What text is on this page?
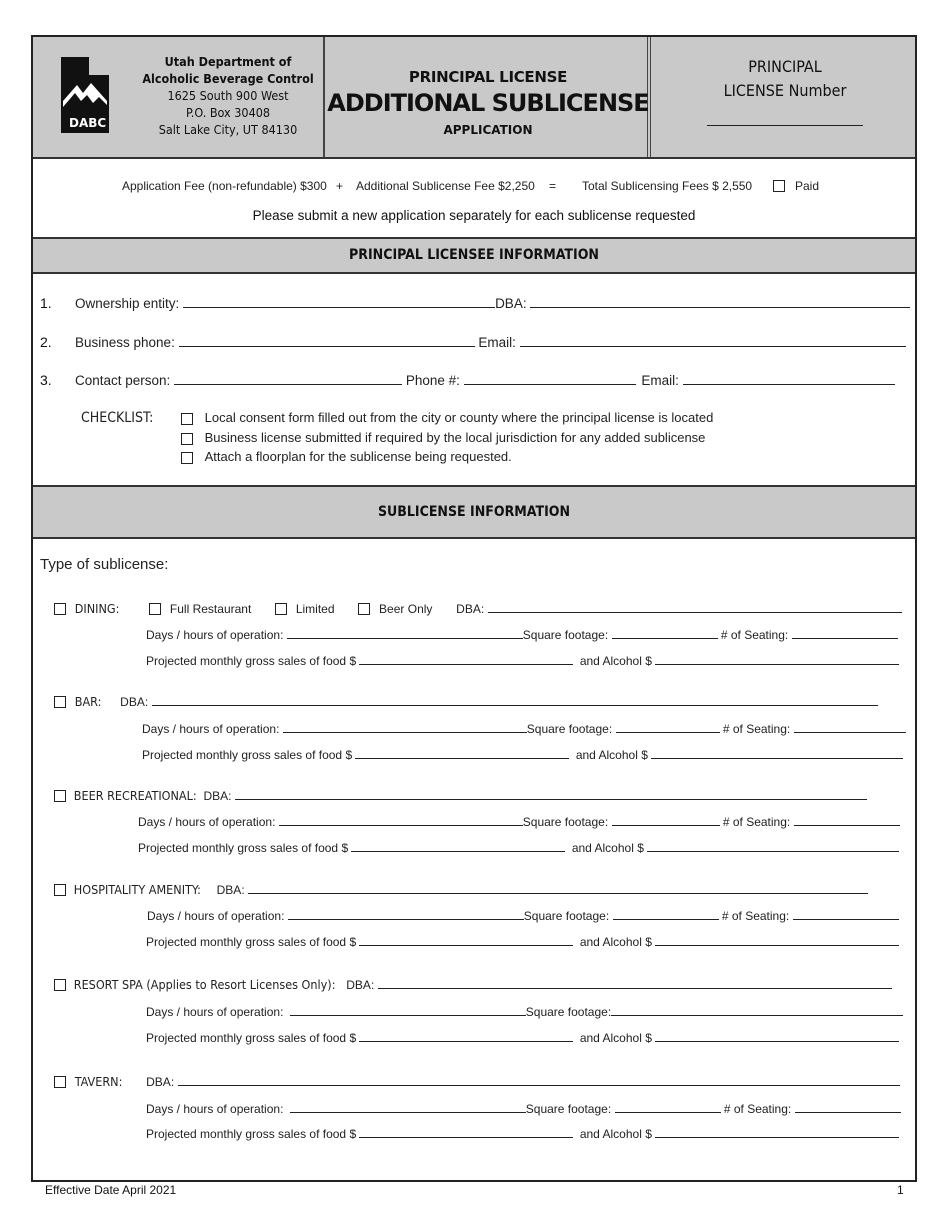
DABC
Utah Department of
Alcoholic Beverage Control
1625 South 900 West
P.O. Box 30408
Salt Lake City, UT 84130
PRINCIPAL LICENSE
ADDITIONAL SUBLICENSE
APPLICATION
PRINCIPAL
LICENSE Number
Application Fee (non-refundable) $300 + Additional Sublicense Fee $2,250 = Total Sublicensing Fees $ 2,550	Paid
Please submit a new application separately for each sublicense requested
PRINCIPAL LICENSEE INFORMATION
1. Ownership entity:	DBA:
2. Business phone:	Email:
3. Contact person:	Phone #:	Email:
CHECKLIST:	Local consent form filled out from the city or county where the principal license is located
Business license submitted if required by the local jurisdiction for any added sublicense
Attach a floorplan for the sublicense being requested.
SUBLICENSE INFORMATION
Type of sublicense:
DINING:	Full Restaurant	Limited	Beer Only DBA:
Days / hours of operation:	Square footage:	# of Seating:
Projected monthly gross sales of food $	and Alcohol $
BAR: DBA:
Days / hours of operation:	Square footage:	# of Seating:
Projected monthly gross sales of food $	and Alcohol $
BEER RECREATIONAL: DBA:
Days / hours of operation:	Square footage:	# of Seating:
Projected monthly gross sales of food $	and Alcohol $
HOSPITALITY AMENITY: DBA:
Days / hours of operation:	Square footage:	# of Seating:
Projected monthly gross sales of food $	and Alcohol $
RESORT SPA (Applies to Resort Licenses Only): DBA:
Days / hours of operation:	Square footage:
Projected monthly gross sales of food $	and Alcohol $
TAVERN: DBA:
Days / hours of operation:	Square footage:	# of Seating:
Projected monthly gross sales of food $	and Alcohol $
Effective Date April 2021	1
